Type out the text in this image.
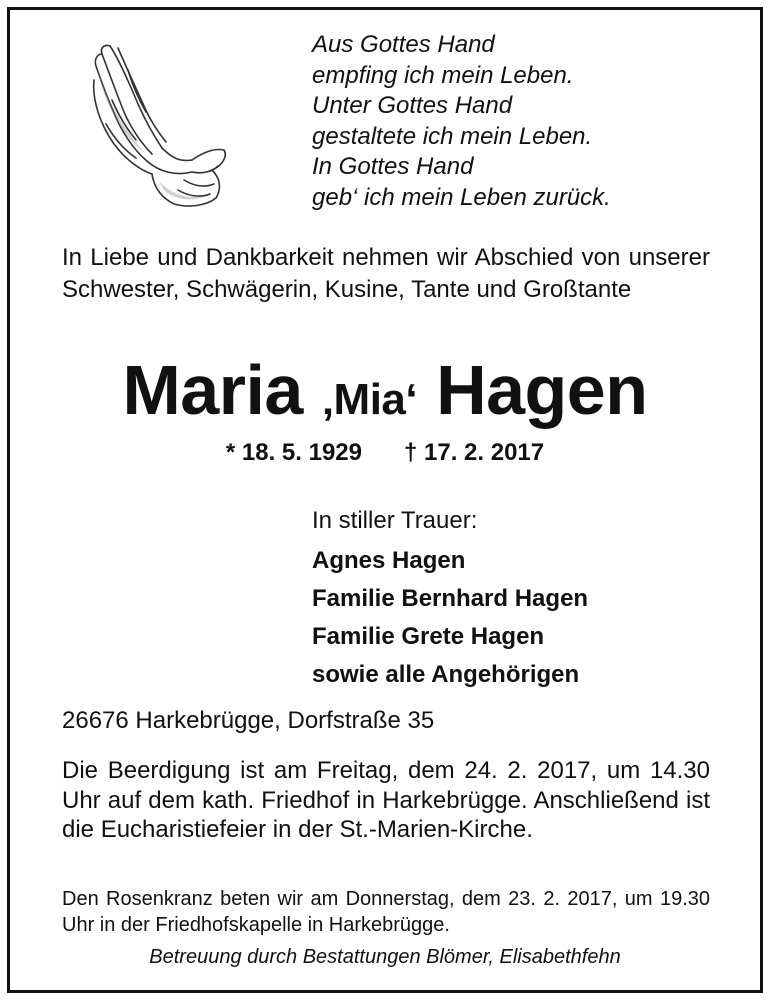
Aus Gottes Hand
empfing ich mein Leben.
Unter Gottes Hand
gestaltete ich mein Leben.
In Gottes Hand
geb‘ ich mein Leben zurück.
In Liebe und Dankbarkeit nehmen wir Abschied von unserer Schwester, Schwägerin, Kusine, Tante und Großtante
Maria ‚Mia‘ Hagen
* 18. 5. 1929 † 17. 2. 2017
In stiller Trauer:
Agnes Hagen
Familie Bernhard Hagen
Familie Grete Hagen
sowie alle Angehörigen
26676 Harkebrügge, Dorfstraße 35
Die Beerdigung ist am Freitag, dem 24. 2. 2017, um 14.30 Uhr auf dem kath. Friedhof in Harkebrügge. Anschließend ist die Eucharistiefeier in der St.-Marien-Kirche.
Den Rosenkranz beten wir am Donnerstag, dem 23. 2. 2017, um 19.30 Uhr in der Friedhofskapelle in Harkebrügge.
Betreuung durch Bestattungen Blömer, Elisabethfehn
